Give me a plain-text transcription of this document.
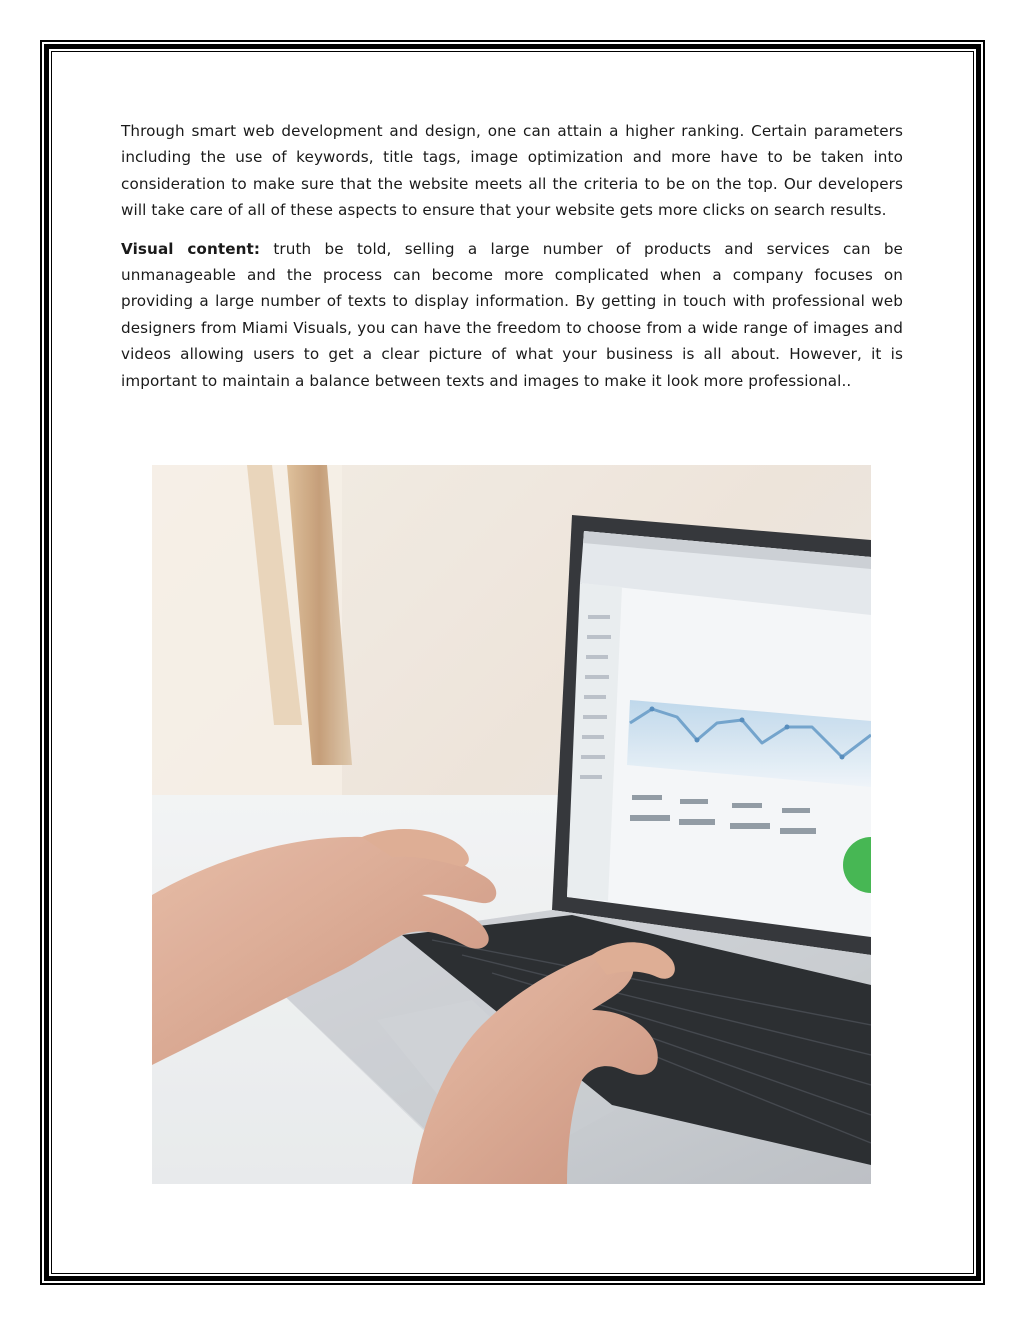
Through smart web development and design, one can attain a higher ranking. Certain parameters including the use of keywords, title tags, image optimization and more have to be taken into consideration to make sure that the website meets all the criteria to be on the top. Our developers will take care of all of these aspects to ensure that your website gets more clicks on search results.

Visual content: truth be told, selling a large number of products and services can be unmanageable and the process can become more complicated when a company focuses on providing a large number of texts to display information. By getting in touch with professional web designers from Miami Visuals, you can have the freedom to choose from a wide range of images and videos allowing users to get a clear picture of what your business is all about. However, it is important to maintain a balance between texts and images to make it look more professional..
